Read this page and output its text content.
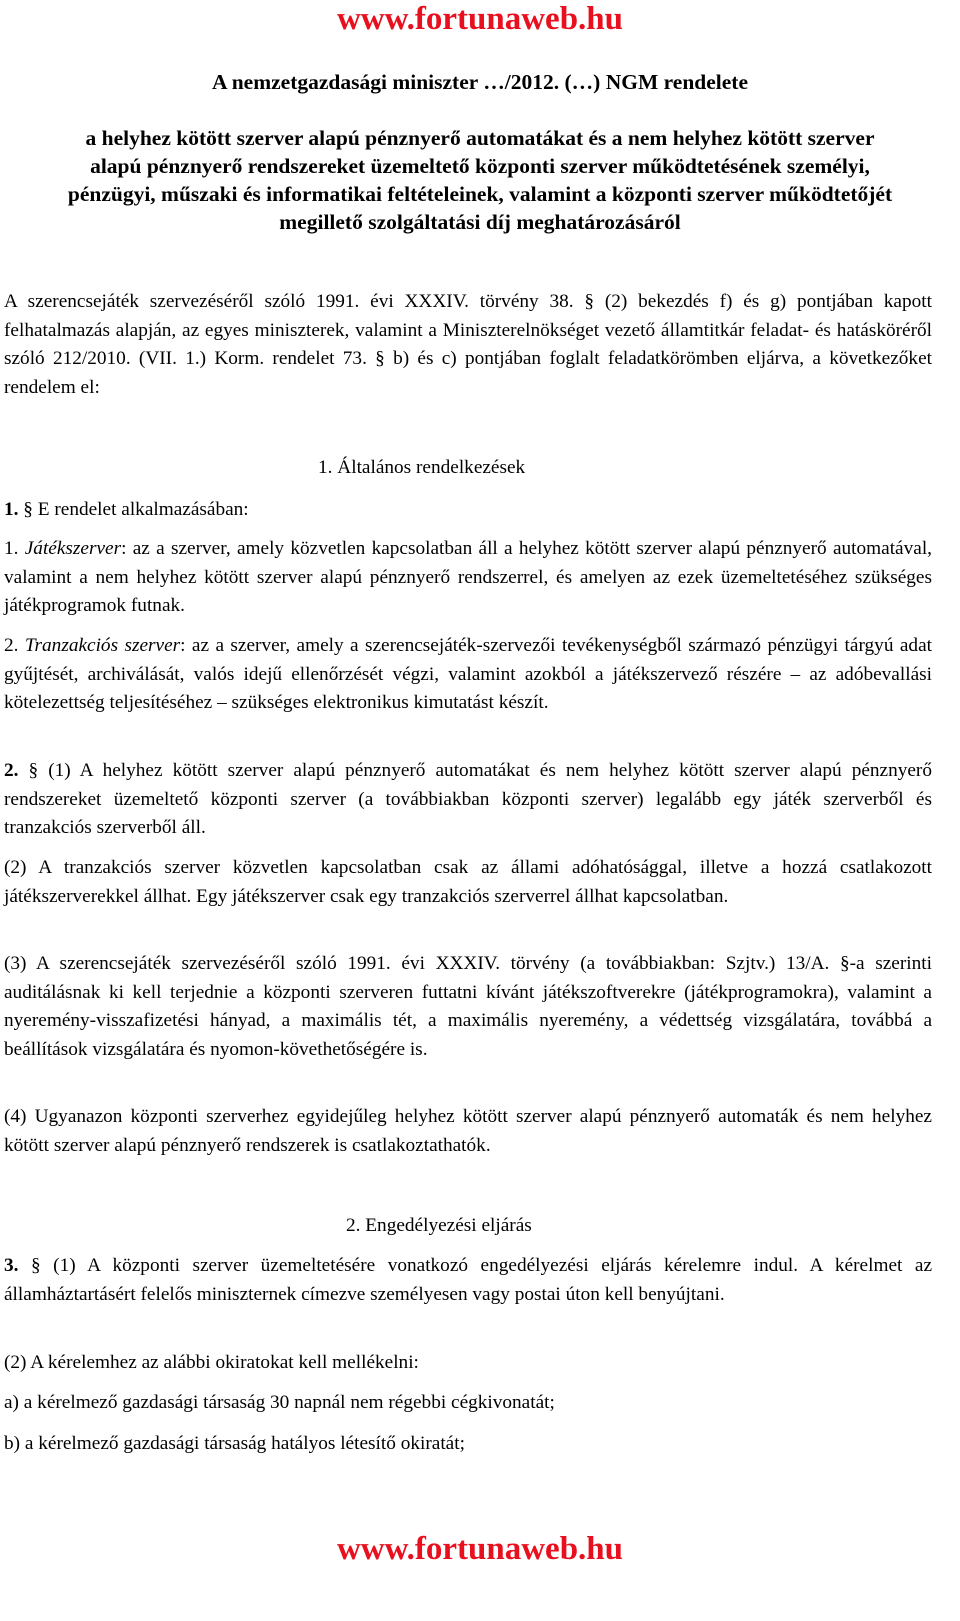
www.fortunaweb.hu
A nemzetgazdasági miniszter …/2012. (…) NGM rendelete
a helyhez kötött szerver alapú pénznyerő automatákat és a nem helyhez kötött szerver alapú pénznyerő rendszereket üzemeltető központi szerver működtetésének személyi, pénzügyi, műszaki és informatikai feltételeinek, valamint a központi szerver működtetőjét megillető szolgáltatási díj meghatározásáról
A szerencsejáték szervezéséről szóló 1991. évi XXXIV. törvény 38. § (2) bekezdés f) és g) pontjában kapott felhatalmazás alapján, az egyes miniszterek, valamint a Miniszterelnökséget vezető államtitkár feladat- és hatásköréről szóló 212/2010. (VII. 1.) Korm. rendelet 73. § b) és c) pontjában foglalt feladatkörömben eljárva, a következőket rendelem el:
1. Általános rendelkezések
1. § E rendelet alkalmazásában:
1. Játékszerver: az a szerver, amely közvetlen kapcsolatban áll a helyhez kötött szerver alapú pénznyerő automatával, valamint a nem helyhez kötött szerver alapú pénznyerő rendszerrel, és amelyen az ezek üzemeltetéséhez szükséges játékprogramok futnak.
2. Tranzakciós szerver: az a szerver, amely a szerencsejáték-szervezői tevékenységből származó pénzügyi tárgyú adat gyűjtését, archiválását, valós idejű ellenőrzését végzi, valamint azokból a játékszervező részére – az adóbevallási kötelezettség teljesítéséhez – szükséges elektronikus kimutatást készít.
2. § (1) A helyhez kötött szerver alapú pénznyerő automatákat és nem helyhez kötött szerver alapú pénznyerő rendszereket üzemeltető központi szerver (a továbbiakban központi szerver) legalább egy játék szerverből és tranzakciós szerverből áll.
(2) A tranzakciós szerver közvetlen kapcsolatban csak az állami adóhatósággal, illetve a hozzá csatlakozott játékszerverekkel állhat. Egy játékszerver csak egy tranzakciós szerverrel állhat kapcsolatban.
(3) A szerencsejáték szervezéséről szóló 1991. évi XXXIV. törvény (a továbbiakban: Szjtv.) 13/A. §-a szerinti auditálásnak ki kell terjednie a központi szerveren futtatni kívánt játékszoftverekre (játékprogramokra), valamint a nyeremény-visszafizetési hányad, a maximális tét, a maximális nyeremény, a védettség vizsgálatára, továbbá a beállítások vizsgálatára és nyomon-követhetőségére is.
(4) Ugyanazon központi szerverhez egyidejűleg helyhez kötött szerver alapú pénznyerő automaták és nem helyhez kötött szerver alapú pénznyerő rendszerek is csatlakoztathatók.
2. Engedélyezési eljárás
3. § (1) A központi szerver üzemeltetésére vonatkozó engedélyezési eljárás kérelemre indul. A kérelmet az államháztartásért felelős miniszternek címezve személyesen vagy postai úton kell benyújtani.
(2) A kérelemhez az alábbi okiratokat kell mellékelni:
a) a kérelmező gazdasági társaság 30 napnál nem régebbi cégkivonatát;
b) a kérelmező gazdasági társaság hatályos létesítő okiratát;
www.fortunaweb.hu
